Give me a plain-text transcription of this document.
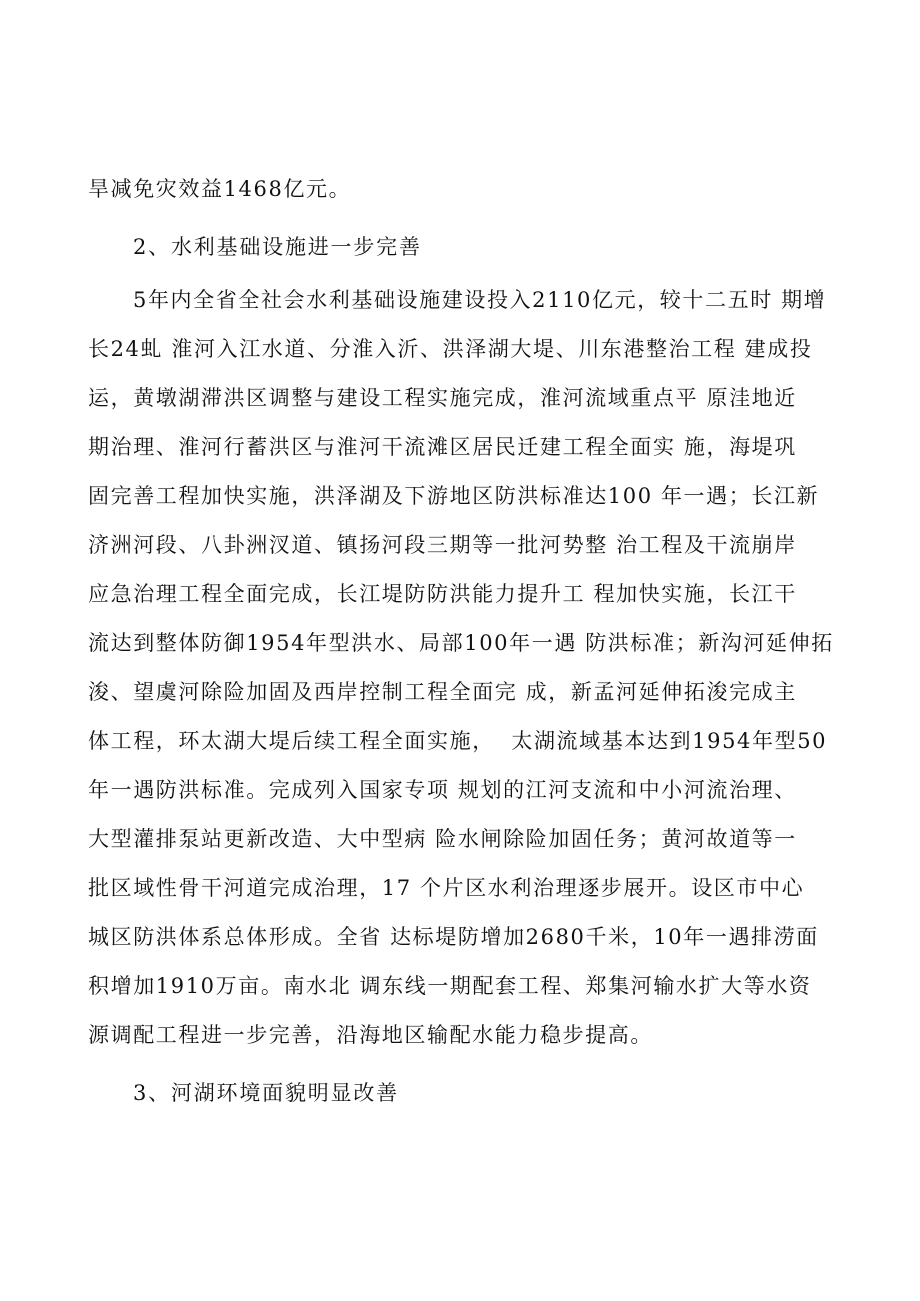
旱减免灾效益1468亿元。
2、水利基础设施进一步完善
5年内全省全社会水利基础设施建设投入2110亿元，较十二五时 期增
长24虬 淮河入江水道、分淮入沂、洪泽湖大堤、川东港整治工程 建成投
运，黄墩湖滞洪区调整与建设工程实施完成，淮河流域重点平 原洼地近
期治理、淮河行蓄洪区与淮河干流滩区居民迁建工程全面实 施，海堤巩
固完善工程加快实施，洪泽湖及下游地区防洪标准达100 年一遇；长江新
济洲河段、八卦洲汊道、镇扬河段三期等一批河势整 治工程及干流崩岸
应急治理工程全面完成，长江堤防防洪能力提升工 程加快实施，长江干
流达到整体防御1954年型洪水、局部100年一遇 防洪标准；新沟河延伸拓
浚、望虞河除险加固及西岸控制工程全面完 成，新孟河延伸拓浚完成主
体工程，环太湖大堤后续工程全面实施，  太湖流域基本达到1954年型50
年一遇防洪标准。完成列入国家专项 规划的江河支流和中小河流治理、
大型灌排泵站更新改造、大中型病 险水闸除险加固任务；黄河故道等一
批区域性骨干河道完成治理，17 个片区水利治理逐步展开。设区市中心
城区防洪体系总体形成。全省 达标堤防增加2680千米，10年一遇排涝面
积增加1910万亩。南水北 调东线一期配套工程、郑集河输水扩大等水资
源调配工程进一步完善，沿海地区输配水能力稳步提高。
3、河湖环境面貌明显改善
